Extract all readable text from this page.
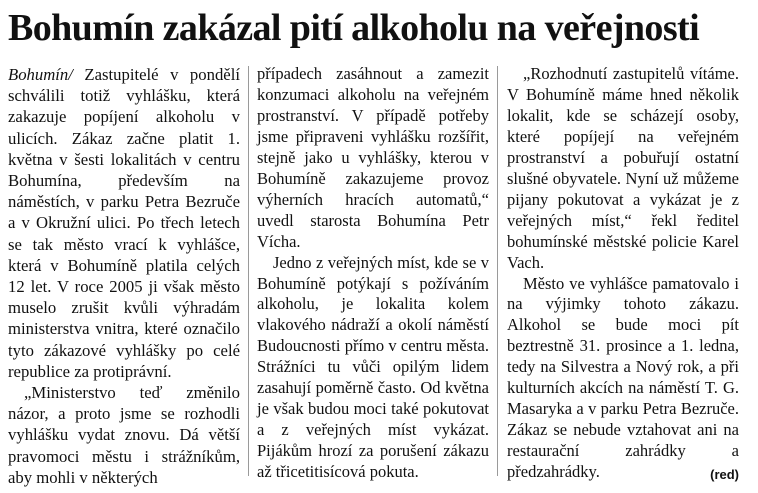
Bohumín zakázal pití alkoholu na veřejnosti

Bohumín/ Zastupitelé v pondělí schválili totiž vyhlášku, která zakazuje popíjení alkoholu v ulicích. Zákaz začne platit 1. května v šesti lokalitách v centru Bohumína, především na náměstích, v parku Petra Bezruče a v Okružní ulici. Po třech letech se tak město vrací k vyhlášce, která v Bohumíně platila celých 12 let. V roce 2005 ji však město muselo zrušit kvůli výhradám ministerstva vnitra, které označilo tyto zákazové vyhlášky po celé republice za protiprávní.

„Ministerstvo teď změnilo názor, a proto jsme se rozhodli vyhlášku vydat znovu. Dá větší pravomoci městu i strážníkům, aby mohli v některých

případech zasáhnout a zamezit konzumaci alkoholu na veřejném prostranství. V případě potřeby jsme připraveni vyhlášku rozšířit, stejně jako u vyhlášky, kterou v Bohumíně zakazujeme provoz výherních hracích automatů,“ uvedl starosta Bohumína Petr Vícha.

Jedno z veřejných míst, kde se v Bohumíně potýkají s požíváním alkoholu, je lokalita kolem vlakového nádraží a okolí náměstí Budoucnosti přímo v centru města. Strážníci tu vůči opilým lidem zasahují poměrně často. Od května je však budou moci také pokutovat a z veřejných míst vykázat. Pijákům hrozí za porušení zákazu až třicetitisícová pokuta.

„Rozhodnutí zastupitelů vítáme. V Bohumíně máme hned několik lokalit, kde se scházejí osoby, které popíjejí na veřejném prostranství a pobuřují ostatní slušné obyvatele. Nyní už můžeme pijany pokutovat a vykázat je z veřejných míst,“ řekl ředitel bohumínské městské policie Karel Vach.

Město ve vyhlášce pamatovalo i na výjimky tohoto zákazu. Alkohol se bude moci pít beztrestně 31. prosince a 1. ledna, tedy na Silvestra a Nový rok, a při kulturních akcích na náměstí T. G. Masaryka a v parku Petra Bezruče. Zákaz se nebude vztahovat ani na restaurační zahrádky a předzahrádky.	(red)
